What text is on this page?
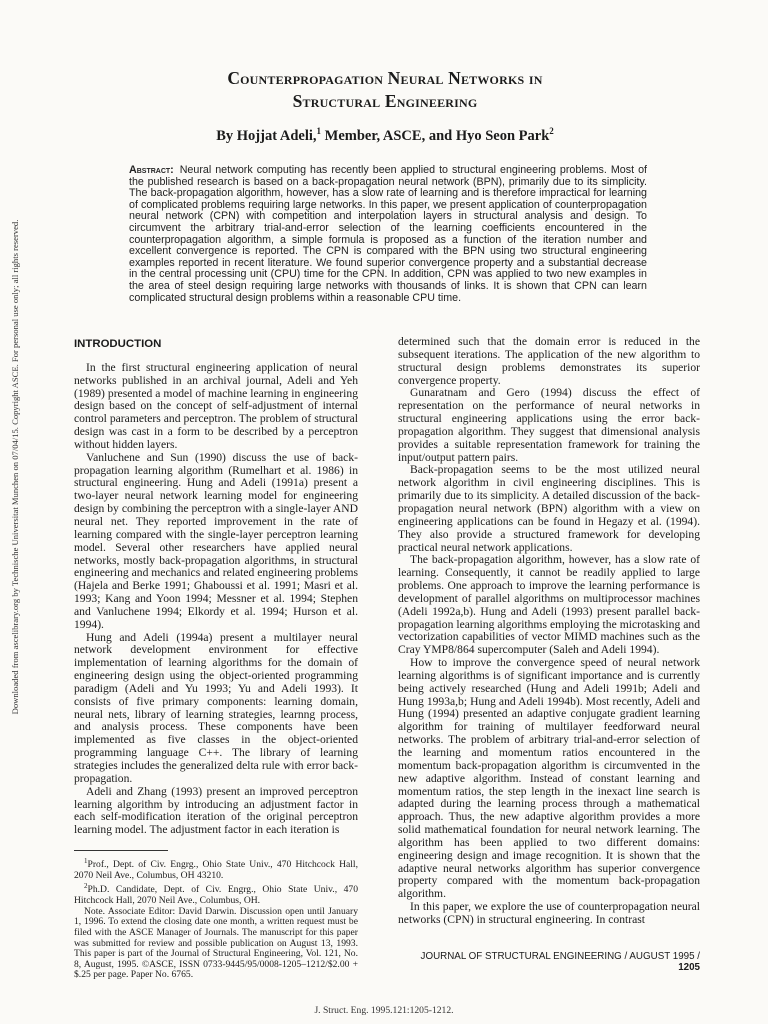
Downloaded from ascelibrary.org by Technische Universitat Munchen on 07/04/15. Copyright ASCE. For personal use only; all rights reserved.
Counterpropagation Neural Networks in
Structural Engineering
By Hojjat Adeli,$^1$ Member, ASCE, and Hyo Seon Park$^2$
Abstract: Neural network computing has recently been applied to structural engineering problems. Most of the published research is based on a back-propagation neural network (BPN), primarily due to its simplicity. The back-propagation algorithm, however, has a slow rate of learning and is therefore impractical for learning of complicated problems requiring large networks. In this paper, we present application of counterpropagation neural network (CPN) with competition and interpolation layers in structural analysis and design. To circumvent the arbitrary trial-and-error selection of the learning coefficients encountered in the counterpropagation algorithm, a simple formula is proposed as a function of the iteration number and excellent convergence is reported. The CPN is compared with the BPN using two structural engineering examples reported in recent literature. We found superior convergence property and a substantial decrease in the central processing unit (CPU) time for the CPN. In addition, CPN was applied to two new examples in the area of steel design requiring large networks with thousands of links. It is shown that CPN can learn complicated structural design problems within a reasonable CPU time.
INTRODUCTION

In the first structural engineering application of neural networks published in an archival journal, Adeli and Yeh (1989) presented a model of machine learning in engineering design based on the concept of self-adjustment of internal control parameters and perceptron. The problem of structural design was cast in a form to be described by a perceptron without hidden layers.

Vanluchene and Sun (1990) discuss the use of back-propagation learning algorithm (Rumelhart et al. 1986) in structural engineering. Hung and Adeli (1991a) present a two-layer neural network learning model for engineering design by combining the perceptron with a single-layer AND neural net. They reported improvement in the rate of learning compared with the single-layer perceptron learning model. Several other researchers have applied neural networks, mostly back-propagation algorithms, in structural engineering and mechanics and related engineering problems (Hajela and Berke 1991; Ghaboussi et al. 1991; Masri et al. 1993; Kang and Yoon 1994; Messner et al. 1994; Stephen and Vanluchene 1994; Elkordy et al. 1994; Hurson et al. 1994).

Hung and Adeli (1994a) present a multilayer neural network development environment for effective implementation of learning algorithms for the domain of engineering design using the object-oriented programming paradigm (Adeli and Yu 1993; Yu and Adeli 1993). It consists of five primary components: learning domain, neural nets, library of learning strategies, learnng process, and analysis process. These components have been implemented as five classes in the object-oriented programming language C++. The library of learning strategies includes the generalized delta rule with error back-propagation.

Adeli and Zhang (1993) present an improved perceptron learning algorithm by introducing an adjustment factor in each self-modification iteration of the original perceptron learning model. The adjustment factor in each iteration is

$^1$Prof., Dept. of Civ. Engrg., Ohio State Univ., 470 Hitchcock Hall, 2070 Neil Ave., Columbus, OH 43210.

$^2$Ph.D. Candidate, Dept. of Civ. Engrg., Ohio State Univ., 470 Hitchcock Hall, 2070 Neil Ave., Columbus, OH.

Note. Associate Editor: David Darwin. Discussion open until January 1, 1996. To extend the closing date one month, a written request must be filed with the ASCE Manager of Journals. The manuscript for this paper was submitted for review and possible publication on August 13, 1993. This paper is part of the Journal of Structural Engineering, Vol. 121, No. 8, August, 1995. ©ASCE, ISSN 0733-9445/95/0008-1205–1212/$2.00 + $.25 per page. Paper No. 6765.

determined such that the domain error is reduced in the subsequent iterations. The application of the new algorithm to structural design problems demonstrates its superior convergence property.

Gunaratnam and Gero (1994) discuss the effect of representation on the performance of neural networks in structural engineering applications using the error back-propagation algorithm. They suggest that dimensional analysis provides a suitable representation framework for training the input/output pattern pairs.

Back-propagation seems to be the most utilized neural network algorithm in civil engineering disciplines. This is primarily due to its simplicity. A detailed discussion of the back-propagation neural network (BPN) algorithm with a view on engineering applications can be found in Hegazy et al. (1994). They also provide a structured framework for developing practical neural network applications.

The back-propagation algorithm, however, has a slow rate of learning. Consequently, it cannot be readily applied to large problems. One approach to improve the learning performance is development of parallel algorithms on multiprocessor machines (Adeli 1992a,b). Hung and Adeli (1993) present parallel back-propagation learning algorithms employing the microtasking and vectorization capabilities of vector MIMD machines such as the Cray YMP8/864 supercomputer (Saleh and Adeli 1994).

How to improve the convergence speed of neural network learning algorithms is of significant importance and is currently being actively researched (Hung and Adeli 1991b; Adeli and Hung 1993a,b; Hung and Adeli 1994b). Most recently, Adeli and Hung (1994) presented an adaptive conjugate gradient learning algorithm for training of multilayer feedforward neural networks. The problem of arbitrary trial-and-error selection of the learning and momentum ratios encountered in the momentum back-propagation algorithm is circumvented in the new adaptive algorithm. Instead of constant learning and momentum ratios, the step length in the inexact line search is adapted during the learning process through a mathematical approach. Thus, the new adaptive algorithm provides a more solid mathematical foundation for neural network learning. The algorithm has been applied to two different domains: engineering design and image recognition. It is shown that the adaptive neural networks algorithm has superior convergence property compared with the momentum back-propagation algorithm.

In this paper, we explore the use of counterpropagation neural networks (CPN) in structural engineering. In contrast

JOURNAL OF STRUCTURAL ENGINEERING / AUGUST 1995 / 1205
J. Struct. Eng. 1995.121:1205-1212.
